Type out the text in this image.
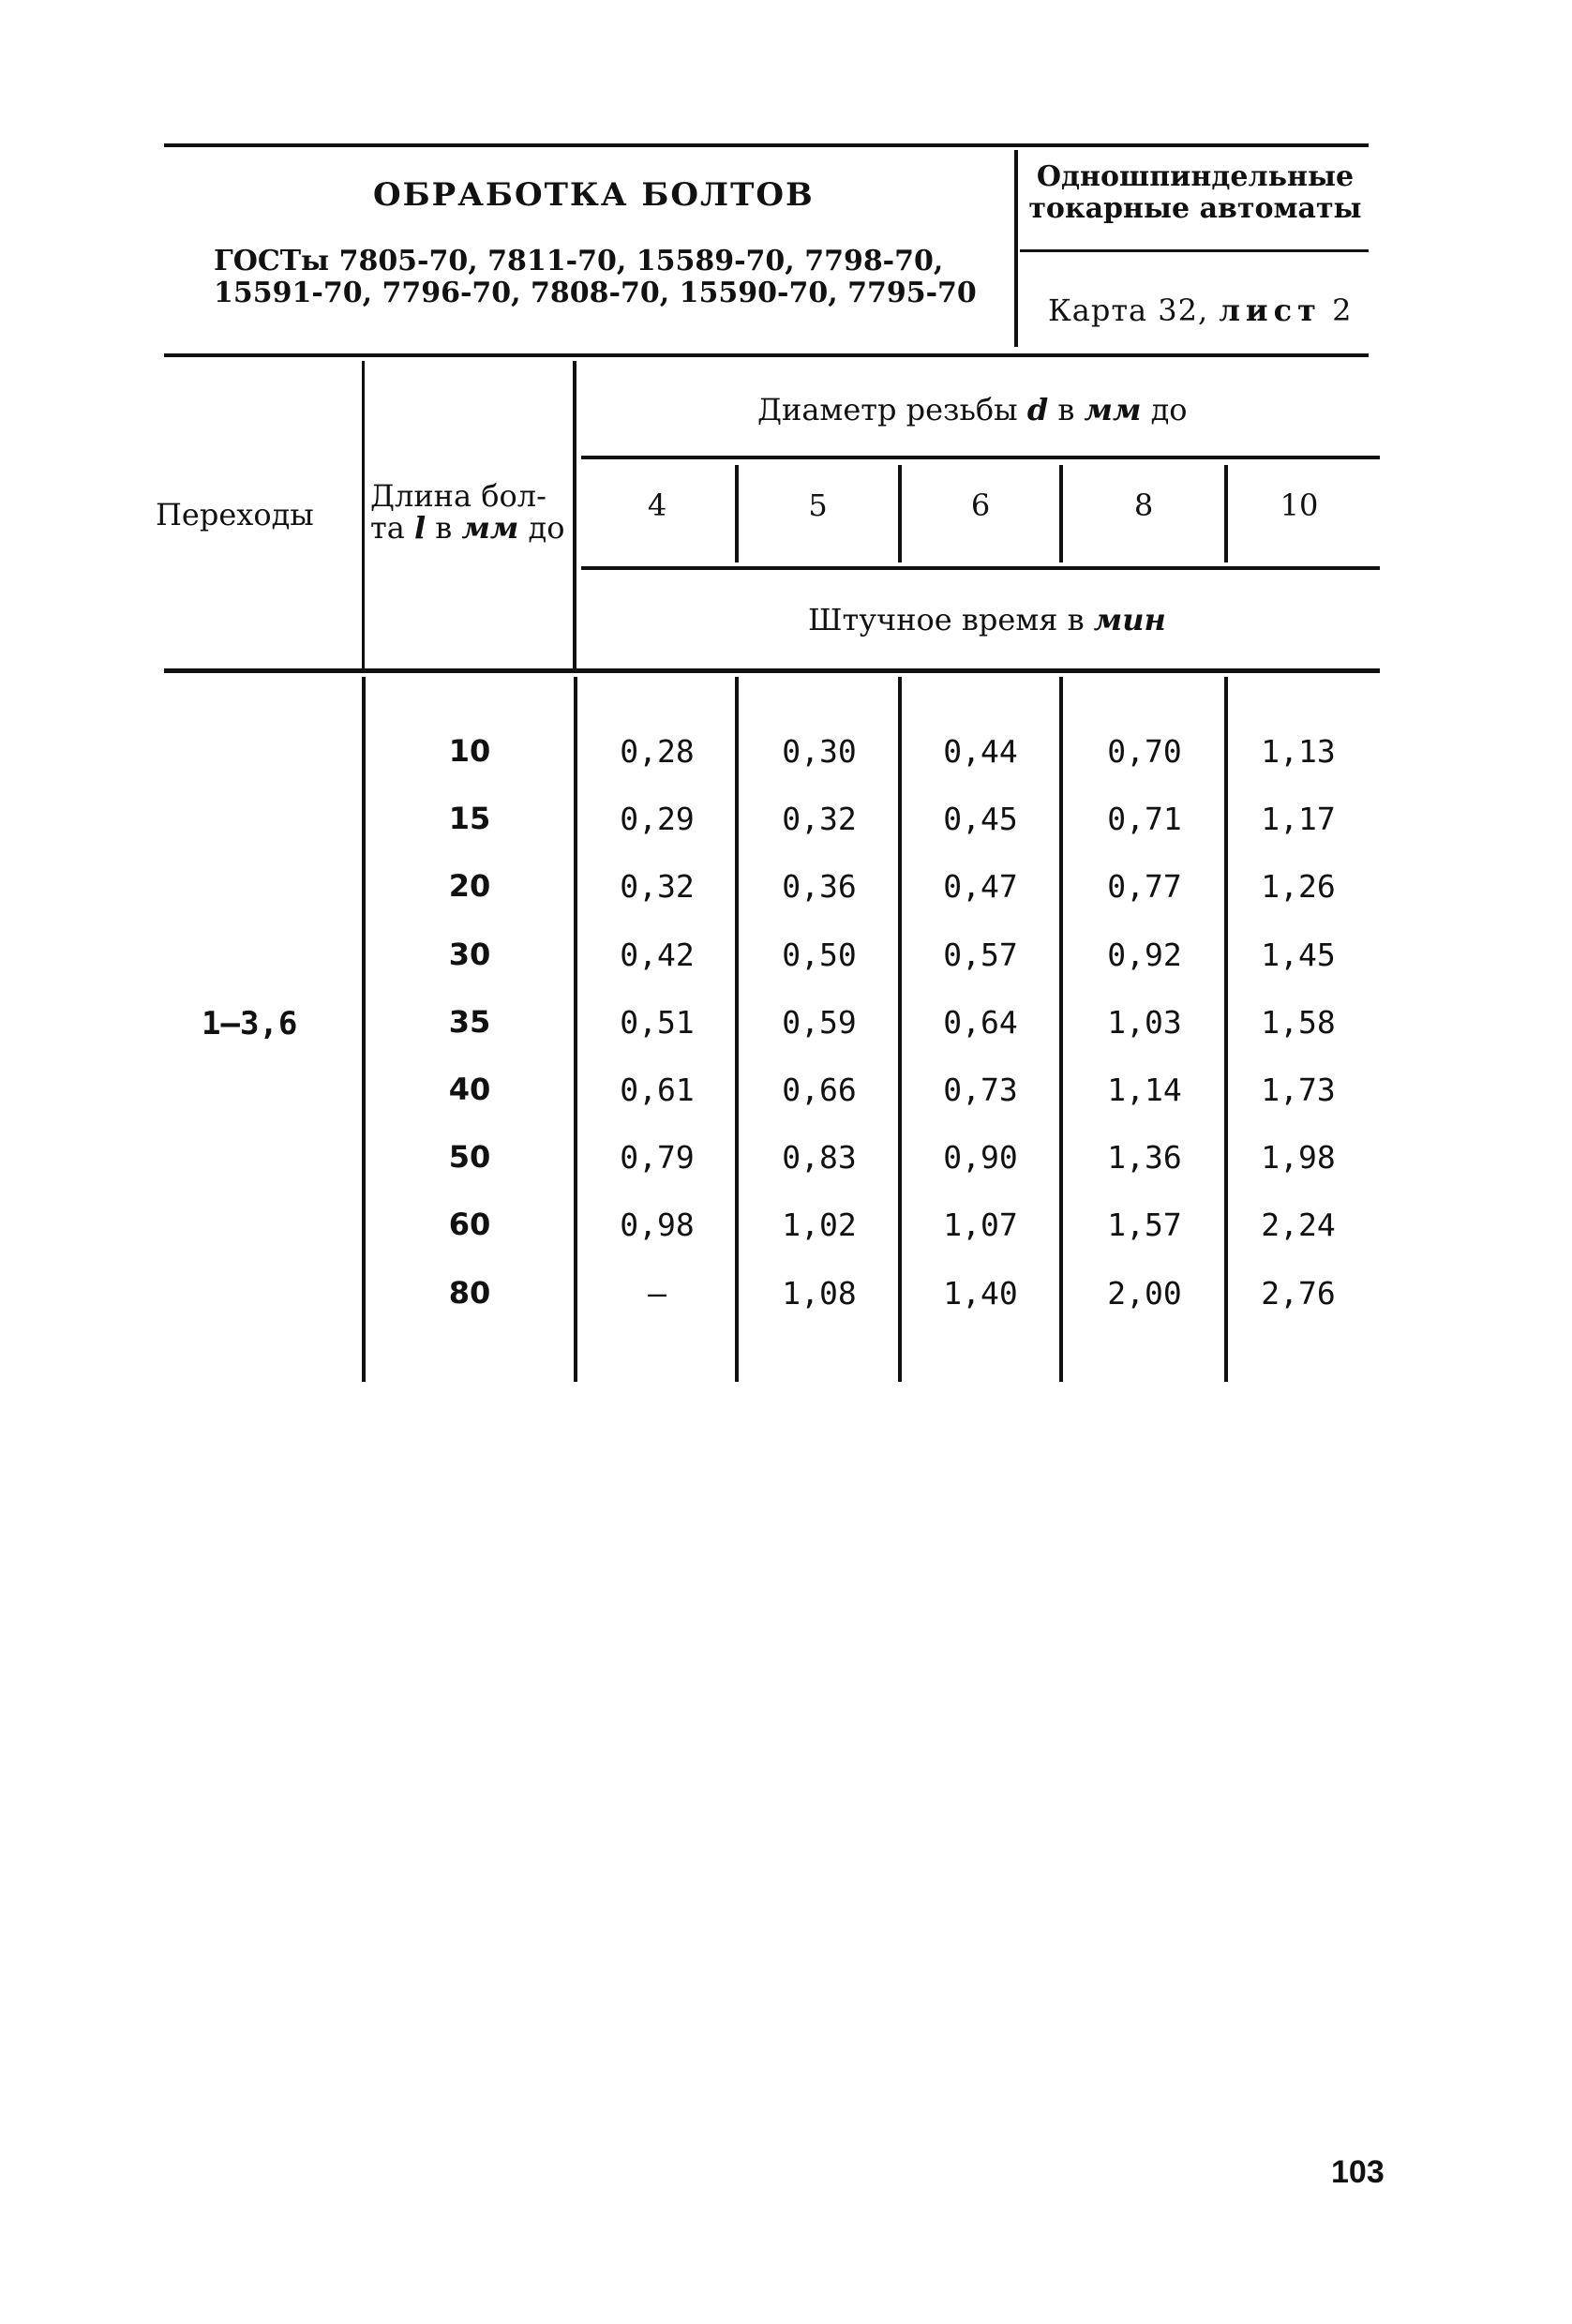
ОБРАБОТКА БОЛТОВ
ГОСТы 7805-70, 7811-70, 15589-70, 7798-70,
15591-70, 7796-70, 7808-70, 15590-70, 7795-70
Одношпиндельные
токарные автоматы
Карта 32, лист 2
Переходы
Длина бол-
та l в мм до
Диаметр резьбы d в мм до
4	5	6	8	10
Штучное время в мин
1–3,6
10	0,28	0,30	0,44	0,70	1,13
15	0,29	0,32	0,45	0,71	1,17
20	0,32	0,36	0,47	0,77	1,26
30	0,42	0,50	0,57	0,92	1,45
35	0,51	0,59	0,64	1,03	1,58
40	0,61	0,66	0,73	1,14	1,73
50	0,79	0,83	0,90	1,36	1,98
60	0,98	1,02	1,07	1,57	2,24
80	—	1,08	1,40	2,00	2,76
103
